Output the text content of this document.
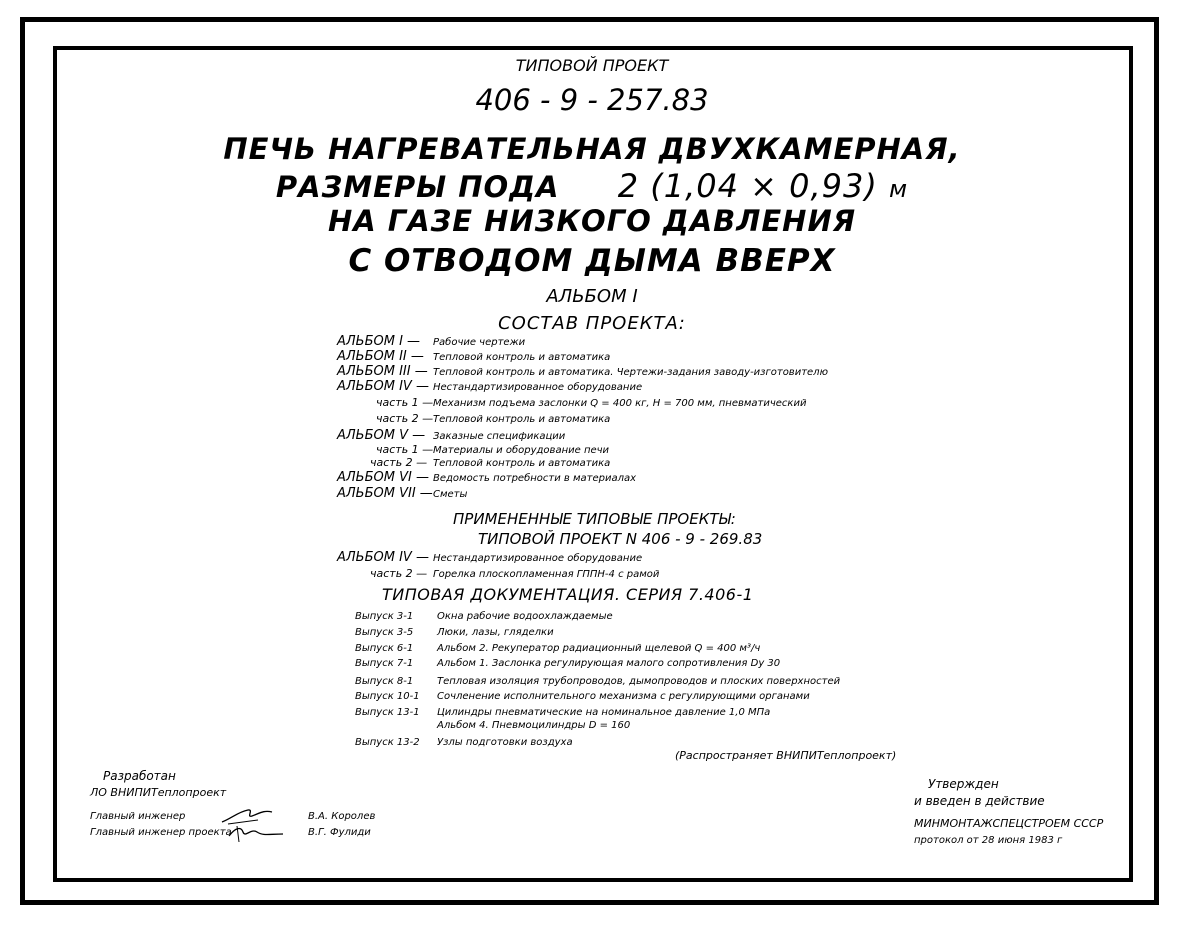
ТИПОВОЙ ПРОЕКТ
406 - 9 - 257.83
ПЕЧЬ НАГРЕВАТЕЛЬНАЯ ДВУХКАМЕРНАЯ,
РАЗМЕРЫ ПОДА 2 (1,04 × 0,93) м
НА ГАЗЕ НИЗКОГО ДАВЛЕНИЯ
С ОТВОДОМ ДЫМА ВВЕРХ
АЛЬБОМ I
СОСТАВ ПРОЕКТА:
АЛЬБОМ I — Рабочие чертежи
АЛЬБОМ II — Тепловой контроль и автоматика
АЛЬБОМ III — Тепловой контроль и автоматика. Чертежи-задания заводу-изготовителю
АЛЬБОМ IV — Нестандартизированное оборудование
часть 1 —Механизм подъема заслонки Q = 400 кг, H = 700 мм, пневматический
часть 2 —Тепловой контроль и автоматика
АЛЬБОМ V — Заказные спецификации
часть 1 —Материалы и оборудование печи
часть 2 — Тепловой контроль и автоматика
АЛЬБОМ VI — Ведомость потребности в материалах
АЛЬБОМ VII —Сметы
ПРИМЕНЕННЫЕ ТИПОВЫЕ ПРОЕКТЫ:
ТИПОВОЙ ПРОЕКТ N 406 - 9 - 269.83
АЛЬБОМ IV — Нестандартизированное оборудование
часть 2 — Горелка плоскопламенная ГППН-4 с рамой
ТИПОВАЯ ДОКУМЕНТАЦИЯ. СЕРИЯ 7.406-1
Выпуск 3-1 Окна рабочие водоохлаждаемые
Выпуск 3-5 Люки, лазы, гляделки
Выпуск 6-1 Альбом 2. Рекуператор радиационный щелевой Q = 400 м³/ч
Выпуск 7-1 Альбом 1. Заслонка регулирующая малого сопротивления Dу 30
Выпуск 8-1 Тепловая изоляция трубопроводов, дымопроводов и плоских поверхностей
Выпуск 10-1 Сочленение исполнительного механизма с регулирующими органами
Выпуск 13-1 Цилиндры пневматические на номинальное давление 1,0 МПа
Альбом 4. Пневмоцилиндры D = 160
Выпуск 13-2 Узлы подготовки воздуха
(Распространяет ВНИПИТеплопроект)
Разработан
ЛО ВНИПИТеплопроект
Главный инженер	В.А. Королев
Главный инженер проекта	В.Г. Фулиди
Утвержден
и введен в действие
МИНМОНТАЖСПЕЦСТРОЕМ СССР
протокол от 28 июня 1983 г
